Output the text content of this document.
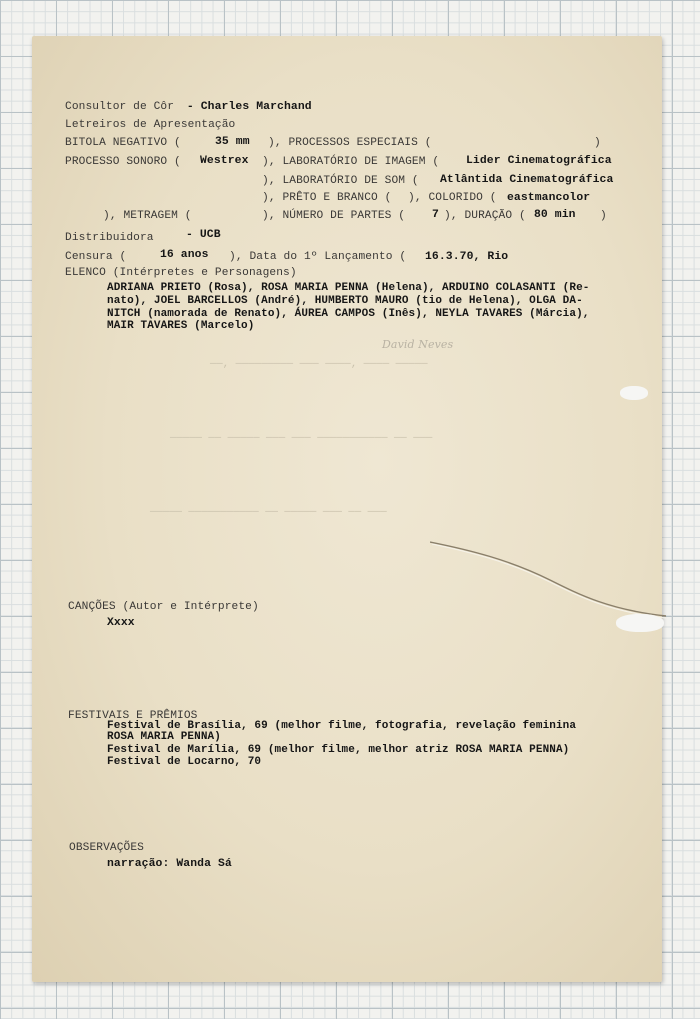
Consultor de Côr - Charles Marchand
Letreiros de Apresentação
BITOLA NEGATIVO (	35 mm ), PROCESSOS ESPECIAIS (	)
PROCESSO SONORO ( Westrex ), LABORATÓRIO DE IMAGEM ( Lider Cinematográfica
), LABORATÓRIO DE SOM ( Atlântida Cinematográfica
), PRÊTO E BRANCO ( ), COLORIDO ( eastmancolor
), METRAGEM (	), NÚMERO DE PARTES ( 7 ), DURAÇÃO ( 80 min )
Distribuidora	- UCB
Censura (	16 anos ), Data do 1º Lançamento ( 16.3.70, Rio
ELENCO (Intérpretes e Personagens)
ADRIANA PRIETO (Rosa), ROSA MARIA PENNA (Helena), ARDUINO COLASANTI (Re-
nato), JOEL BARCELLOS (André), HUMBERTO MAURO (tio de Helena), OLGA DA-
NITCH (namorada de Renato), ÁUREA CAMPOS (Inês), NEYLA TAVARES (Márcia),
MAIR TAVARES (Marcelo)
David Neves
——, ————————— ——— ————, ———— —————
————— —— ————— ——— ——— ——————————— —— ———
————— ——————————— —— ————— ——— —— ———
CANÇÕES (Autor e Intérprete)
Xxxx
FESTIVAIS E PRÊMIOS
Festival de Brasília, 69 (melhor filme, fotografia, revelação feminina
ROSA MARIA PENNA)
Festival de Marília, 69 (melhor filme, melhor atriz ROSA MARIA PENNA)
Festival de Locarno, 70
OBSERVAÇÕES
narração: Wanda Sá
